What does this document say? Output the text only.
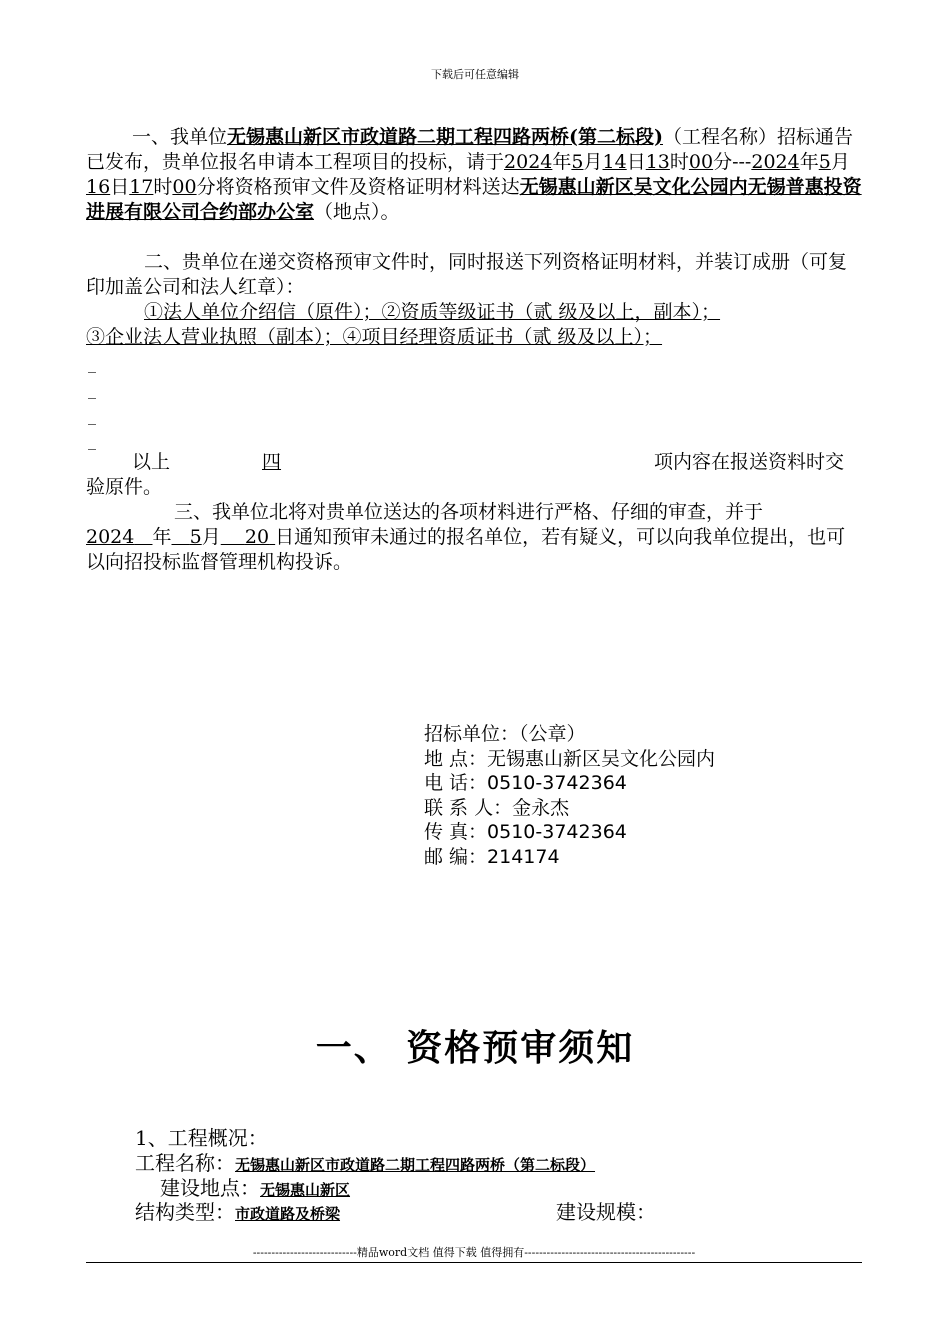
下载后可任意编辑
一、我单位无锡惠山新区市政道路二期工程四路两桥(第二标段)（工程名称）招标通告已发布，贵单位报名申请本工程项目的投标，请于2024年5月14日13时00分---2024年5月16日17时00分将资格预审文件及资格证明材料送达无锡惠山新区吴文化公园内无锡普惠投资进展有限公司合约部办公室（地点）。
二、贵单位在递交资格预审文件时，同时报送下列资格证明材料，并装订成册（可复印加盖公司和法人红章）：
①法人单位介绍信（原件）；②资质等级证书（贰 级及以上，副本）；
③企业法人营业执照（副本）；④项目经理资质证书（贰 级及以上）；
_
_
_
_
以上	四	项内容在报送资料时交验原件。
三、我单位北将对贵单位送达的各项材料进行严格、仔细的审查，并于2024 年 5月 20 日通知预审未通过的报名单位，若有疑义，可以向我单位提出，也可以向招投标监督管理机构投诉。
招标单位：（公章）
地 点：无锡惠山新区吴文化公园内
电 话：0510-3742364
联 系 人：金永杰
传 真：0510-3742364
邮 编：214174
一、 资格预审须知
1、工程概况：
工程名称：无锡惠山新区市政道路二期工程四路两桥（第二标段）
建设地点：无锡惠山新区
结构类型：市政道路及桥梁	建设规模：
----------------------------精品word文档 值得下载 值得拥有----------------------------------------------
